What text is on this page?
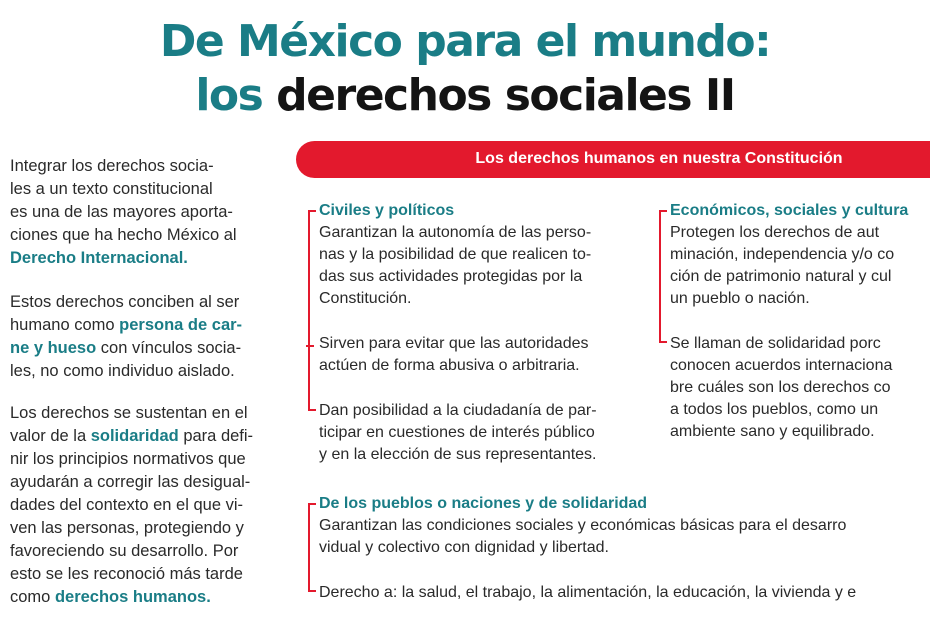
De México para el mundo:
los derechos sociales II

Integrar los derechos socia-

les a un texto constitucional

es una de las mayores aporta-

ciones que ha hecho México al

Derecho Internacional.

Estos derechos conciben al ser

humano como persona de car-

ne y hueso con vínculos socia-

les, no como individuo aislado.

Los derechos se sustentan en el

valor de la solidaridad para defi-

nir los principios normativos que

ayudarán a corregir las desigual-

dades del contexto en el que vi-

ven las personas, protegiendo y

favoreciendo su desarrollo. Por

esto se les reconoció más tarde

como derechos humanos.

Los derechos humanos en nuestra Constitución
Civiles y políticos

Garantizan la autonomía de las perso-

nas y la posibilidad de que realicen to-

das sus actividades protegidas por la

Constitución.

Sirven para evitar que las autoridades

actúen de forma abusiva o arbitraria.

Dan posibilidad a la ciudadanía de par-

ticipar en cuestiones de interés público

y en la elección de sus representantes.

Económicos, sociales y cultura

Protegen los derechos de aut

minación, independencia y/o co

ción de patrimonio natural y cul

un pueblo o nación.

Se llaman de solidaridad porc

conocen acuerdos internaciona

bre cuáles son los derechos co

a todos los pueblos, como un

ambiente sano y equilibrado.

De los pueblos o naciones y de solidaridad

Garantizan las condiciones sociales y económicas básicas para el desarro

vidual y colectivo con dignidad y libertad.

Derecho a: la salud, el trabajo, la alimentación, la educación, la vivienda y e
